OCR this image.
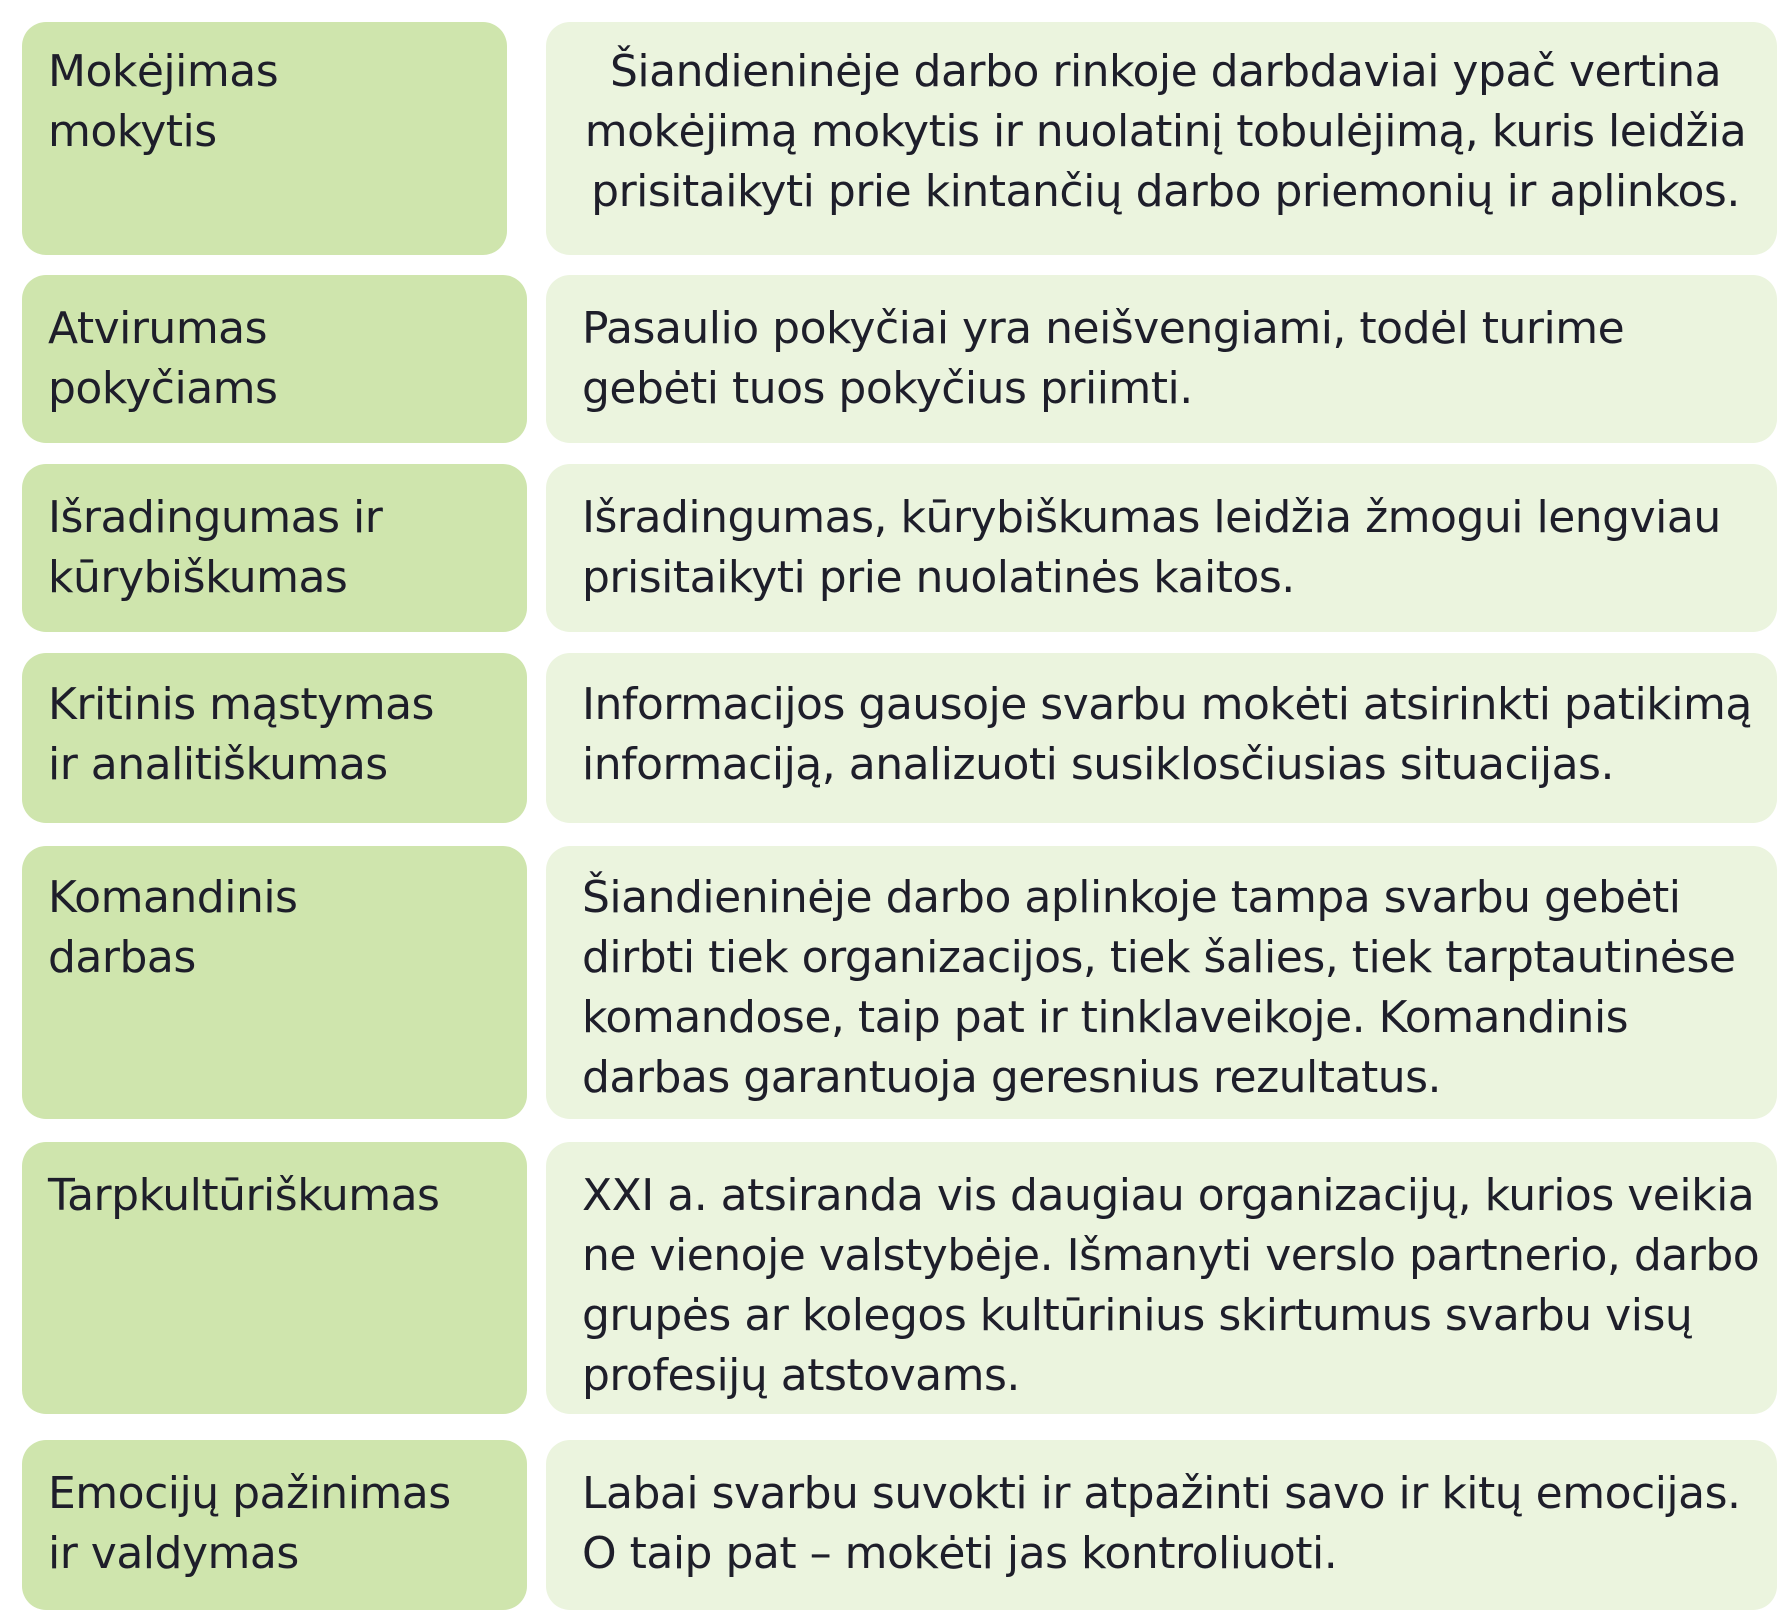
Mokėjimas mokytis
Šiandieninėje darbo rinkoje darbdaviai ypač vertina mokėjimą mokytis ir nuolatinį tobulėjimą, kuris leidžia prisitaikyti prie kintančių darbo priemonių ir aplinkos.
Atvirumas pokyčiams
Pasaulio pokyčiai yra neišvengiami, todėl turime gebėti tuos pokyčius priimti.
Išradingumas ir kūrybiškumas
Išradingumas, kūrybiškumas leidžia žmogui lengviau prisitaikyti prie nuolatinės kaitos.
Kritinis mąstymas ir analitiškumas
Informacijos gausoje svarbu mokėti atsirinkti patikimą informaciją, analizuoti susiklosčiusias situacijas.
Komandinis darbas
Šiandieninėje darbo aplinkoje tampa svarbu gebėti dirbti tiek organizacijos, tiek šalies, tiek tarptautinėse komandose, taip pat ir tinklaveikoje. Komandinis darbas garantuoja geresnius rezultatus.
Tarpkultūriškumas	XXI a. atsiranda vis daugiau organizacijų, kurios veikia ne vienoje valstybėje. Išmanyti verslo partnerio, darbo grupės ar kolegos kultūrinius skirtumus svarbu visų profesijų atstovams.
Emocijų pažinimas ir valdymas
Labai svarbu suvokti ir atpažinti savo ir kitų emocijas. O taip pat – mokėti jas kontroliuoti.
